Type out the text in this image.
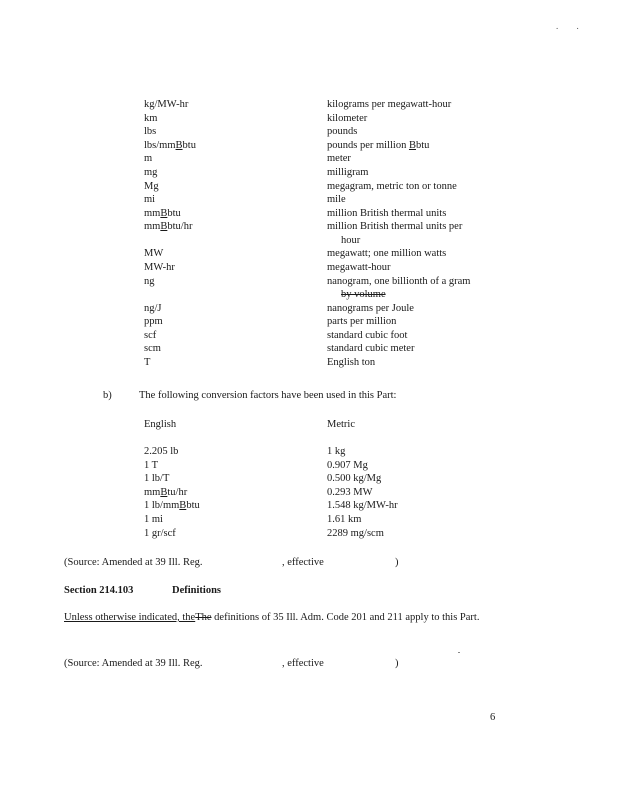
. .
kg/MW-hr	kilograms per megawatt-hour
km	kilometer
lbs	pounds
lbs/mmBbtu	pounds per million Bbtu
m	meter
mg	milligram
Mg	megagram, metric ton or tonne
mi	mile
mmBbtu	million British thermal units
mmBbtu/hr	million British thermal units per
hour
MW	megawatt; one million watts
MW-hr	megawatt-hour
ng	nanogram, one billionth of a gram
by volume
ng/J	nanograms per Joule
ppm	parts per million
scf	standard cubic foot
scm	standard cubic meter
T	English ton
b)	The following conversion factors have been used in this Part:
English	Metric
2.205 lb	1 kg
1 T	0.907 Mg
1 lb/T	0.500 kg/Mg
mmBtu/hr	0.293 MW
1 lb/mmBbtu	1.548 kg/MW-hr
1 mi	1.61 km
1 gr/scf	2289 mg/scm
(Source: Amended at 39 Ill. Reg.	, effective	)
Section 214.103	Definitions
Unless otherwise indicated, theThe definitions of 35 Ill. Adm. Code 201 and 211 apply to this Part.
(Source: Amended at 39 Ill. Reg.	, effective	)
6
